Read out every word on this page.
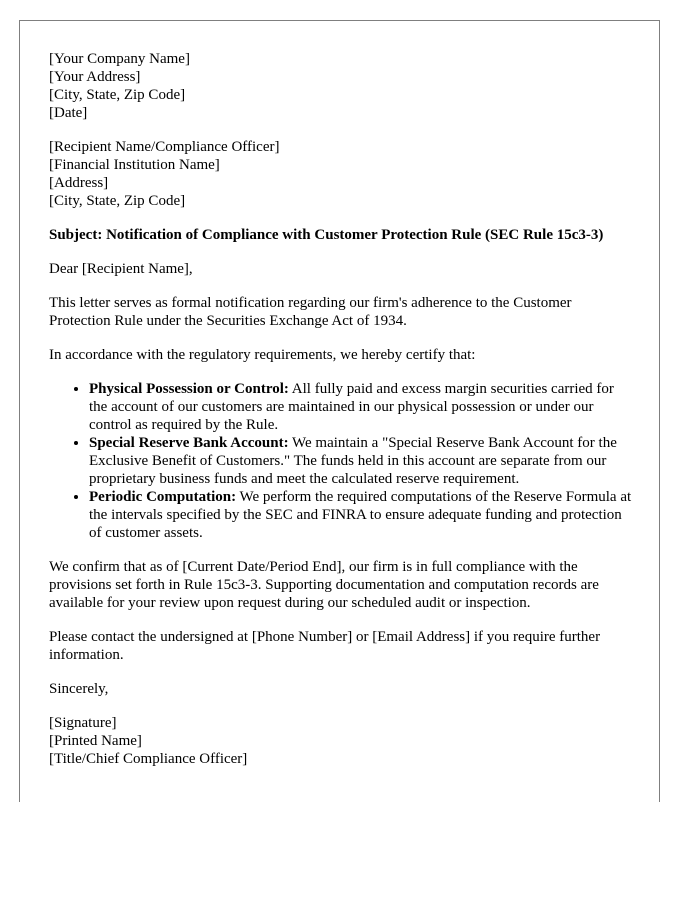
[Your Company Name]
[Your Address]
[City, State, Zip Code]
[Date]
[Recipient Name/Compliance Officer]
[Financial Institution Name]
[Address]
[City, State, Zip Code]

Subject: Notification of Compliance with Customer Protection Rule (SEC Rule 15c3-3)

Dear [Recipient Name],

This letter serves as formal notification regarding our firm's adherence to the Customer Protection Rule under the Securities Exchange Act of 1934.

In accordance with the regulatory requirements, we hereby certify that:

• Physical Possession or Control: All fully paid and excess margin securities carried for the account of our customers are maintained in our physical possession or under our control as required by the Rule.
• Special Reserve Bank Account: We maintain a "Special Reserve Bank Account for the Exclusive Benefit of Customers." The funds held in this account are separate from our proprietary business funds and meet the calculated reserve requirement.
• Periodic Computation: We perform the required computations of the Reserve Formula at the intervals specified by the SEC and FINRA to ensure adequate funding and protection of customer assets.

We confirm that as of [Current Date/Period End], our firm is in full compliance with the provisions set forth in Rule 15c3-3. Supporting documentation and computation records are available for your review upon request during our scheduled audit or inspection.

Please contact the undersigned at [Phone Number] or [Email Address] if you require further information.

Sincerely,

[Signature]
[Printed Name]
[Title/Chief Compliance Officer]
